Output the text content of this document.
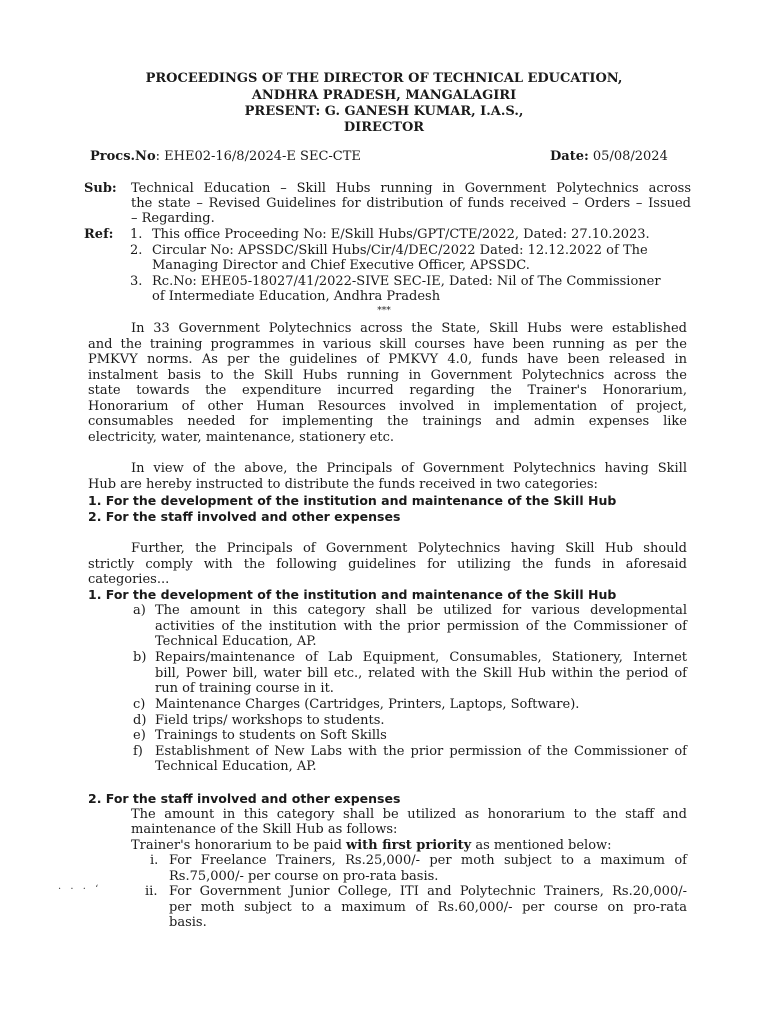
PROCEEDINGS OF THE DIRECTOR OF TECHNICAL EDUCATION,
ANDHRA PRADESH, MANGALAGIRI
PRESENT: G. GANESH KUMAR, I.A.S.,
DIRECTOR
Procs.No: EHE02-16/8/2024-E SEC-CTE	Date: 05/08/2024
Sub: Technical Education – Skill Hubs running in Government Polytechnics across
the state – Revised Guidelines for distribution of funds received – Orders – Issued
– Regarding.
Ref: 1. This office Proceeding No: E/Skill Hubs/GPT/CTE/2022, Dated: 27.10.2023.
2. Circular No: APSSDC/Skill Hubs/Cir/4/DEC/2022 Dated: 12.12.2022 of The
Managing Director and Chief Executive Officer, APSSDC.
3. Rc.No: EHE05-18027/41/2022-SIVE SEC-IE, Dated: Nil of The Commissioner
of Intermediate Education, Andhra Pradesh
***
In 33 Government Polytechnics across the State, Skill Hubs were established
and the training programmes in various skill courses have been running as per the
PMKVY norms. As per the guidelines of PMKVY 4.0, funds have been released in
instalment basis to the Skill Hubs running in Government Polytechnics across the
state towards the expenditure incurred regarding the Trainer's Honorarium,
Honorarium of other Human Resources involved in implementation of project,
consumables needed for implementing the trainings and admin expenses like
electricity, water, maintenance, stationery etc.
In view of the above, the Principals of Government Polytechnics having Skill
Hub are hereby instructed to distribute the funds received in two categories:
1. For the development of the institution and maintenance of the Skill Hub
2. For the staff involved and other expenses
Further, the Principals of Government Polytechnics having Skill Hub should
strictly comply with the following guidelines for utilizing the funds in aforesaid
categories...
1. For the development of the institution and maintenance of the Skill Hub
a) The amount in this category shall be utilized for various developmental
activities of the institution with the prior permission of the Commissioner of
Technical Education, AP.
b) Repairs/maintenance of Lab Equipment, Consumables, Stationery, Internet
bill, Power bill, water bill etc., related with the Skill Hub within the period of
run of training course in it.
c) Maintenance Charges (Cartridges, Printers, Laptops, Software).
d) Field trips/ workshops to students.
e) Trainings to students on Soft Skills
f) Establishment of New Labs with the prior permission of the Commissioner of
Technical Education, AP.
2. For the staff involved and other expenses
The amount in this category shall be utilized as honorarium to the staff and
maintenance of the Skill Hub as follows:
Trainer's honorarium to be paid with first priority as mentioned below:
i. For Freelance Trainers, Rs.25,000/- per moth subject to a maximum of
Rs.75,000/- per course on pro-rata basis.
ii. For Government Junior College, ITI and Polytechnic Trainers, Rs.20,000/-
per moth subject to a maximum of Rs.60,000/- per course on pro-rata
basis.
· · · ‘
